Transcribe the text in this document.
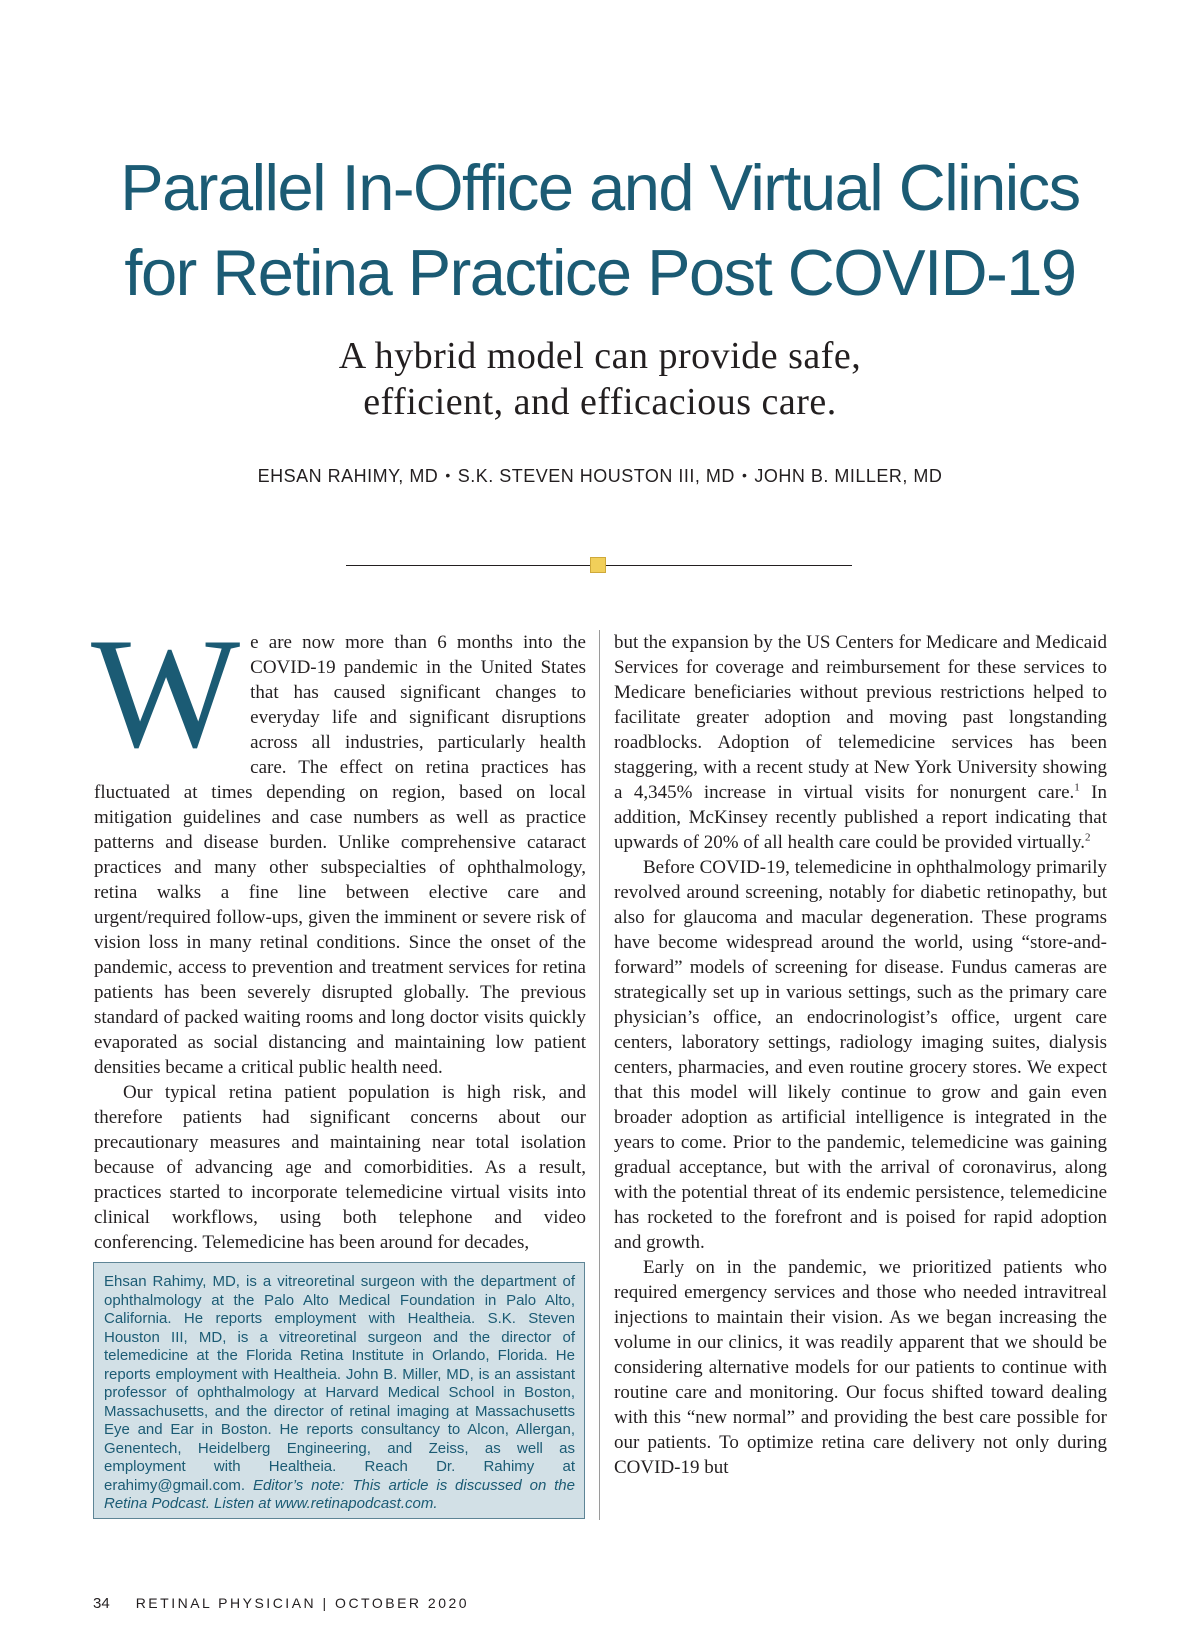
Parallel In-Office and Virtual Clinics
for Retina Practice Post COVID-19
A hybrid model can provide safe,
efficient, and efficacious care.
EHSAN RAHIMY, MD • S.K. STEVEN HOUSTON III, MD • JOHN B. MILLER, MD

We are now more than 6 months into the COVID-19 pandemic in the United States that has caused significant changes to everyday life and significant disruptions across all industries, particularly health care. The effect on retina practices has fluctuated at times depending on region, based on local mitigation guidelines and case numbers as well as practice patterns and disease burden. Unlike comprehensive cataract practices and many other subspecialties of ophthalmology, retina walks a fine line between elective care and urgent/required follow-ups, given the imminent or severe risk of vision loss in many retinal conditions. Since the onset of the pandemic, access to prevention and treatment services for retina patients has been severely disrupted globally. The previous standard of packed waiting rooms and long doctor visits quickly evaporated as social distancing and maintaining low patient densities became a critical public health need.

Our typical retina patient population is high risk, and therefore patients had significant concerns about our precautionary measures and maintaining near total isolation because of advancing age and comorbidities. As a result, practices started to incorporate telemedicine virtual visits into clinical workflows, using both telephone and video conferencing. Telemedicine has been around for decades,

but the expansion by the US Centers for Medicare and Medicaid Services for coverage and reimbursement for these services to Medicare beneficiaries without previous restrictions helped to facilitate greater adoption and moving past longstanding roadblocks. Adoption of telemedicine services has been staggering, with a recent study at New York University showing a 4,345% increase in virtual visits for nonurgent care.$^1$ In addition, McKinsey recently published a report indicating that upwards of 20% of all health care could be provided virtually.$^2$

Before COVID-19, telemedicine in ophthalmology primarily revolved around screening, notably for diabetic retinopathy, but also for glaucoma and macular degeneration. These programs have become widespread around the world, using “store-and-forward” models of screening for disease. Fundus cameras are strategically set up in various settings, such as the primary care physician’s office, an endocrinologist’s office, urgent care centers, laboratory settings, radiology imaging suites, dialysis centers, pharmacies, and even routine grocery stores. We expect that this model will likely continue to grow and gain even broader adoption as artificial intelligence is integrated in the years to come. Prior to the pandemic, telemedicine was gaining gradual acceptance, but with the arrival of coronavirus, along with the potential threat of its endemic persistence, telemedicine has rocketed to the forefront and is poised for rapid adoption and growth.

Early on in the pandemic, we prioritized patients who required emergency services and those who needed intravitreal injections to maintain their vision. As we began increasing the volume in our clinics, it was readily apparent that we should be considering alternative models for our patients to continue with routine care and monitoring. Our focus shifted toward dealing with this “new normal” and providing the best care possible for our patients. To optimize retina care delivery not only during COVID-19 but

Ehsan Rahimy, MD, is a vitreoretinal surgeon with the department of ophthalmology at the Palo Alto Medical Foundation in Palo Alto, California. He reports employment with Healtheia. S.K. Steven Houston III, MD, is a vitreoretinal surgeon and the director of telemedicine at the Florida Retina Institute in Orlando, Florida. He reports employment with Healtheia. John B. Miller, MD, is an assistant professor of ophthalmology at Harvard Medical School in Boston, Massachusetts, and the director of retinal imaging at Massachusetts Eye and Ear in Boston. He reports consultancy to Alcon, Allergan, Genentech, Heidelberg Engineering, and Zeiss, as well as employment with Healtheia. Reach Dr. Rahimy at erahimy@gmail.com. Editor’s note: This article is discussed on the Retina Podcast. Listen at www.retinapodcast.com.
34 RETINAL PHYSICIAN | OCTOBER 2020
